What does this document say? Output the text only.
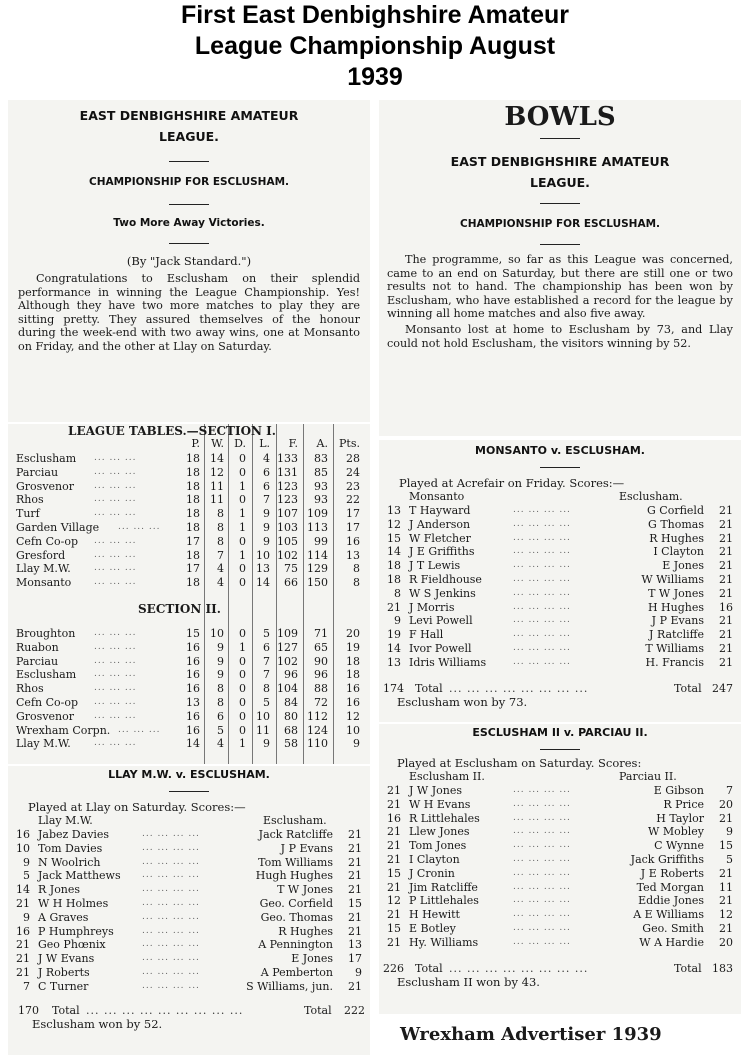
First East Denbighshire Amateur
League Championship August
1939
EAST DENBIGHSHIRE AMATEUR LEAGUE.
CHAMPIONSHIP FOR ESCLUSHAM.
Two More Away Victories.
(By "Jack Standard.")
Congratulations to Esclusham on their splendid performance in winning the League Championship. Yes! Although they have two more matches to play they are sitting pretty. They assured themselves of the honour during the week-end with two away wins, one at Monsanto on Friday, and the other at Llay on Saturday.
LEAGUE TABLES.—SECTION I.
P.	W. D.	L.	F.	A. Pts.
Esclusham ... ... ...	18 14	0	4 133	83	28
Parciau	... ... ...	18 12	0	6 131	85	24
Grosvenor ... ... ...	18 11	1	6 123	93	23
Rhos	... ... ...	18 11	0	7 123	93	22
Turf	... ... ...	18	8	1	9 107 109	17
Garden Village ... ... ...	18	8	1	9 103 113	17
Cefn Co-op ... ... ...	17	8	0	9 105	99	16
Gresford	... ... ...	18	7	1 10 102 114	13
Llay M.W.	... ... ...	17	4	0 13	75 129	8
Monsanto	... ... ...	18	4	0 14	66 150	8
SECTION II.
Broughton ... ... ...	15 10	0	5 109	71	20
Ruabon	... ... ...	16	9	1	6 127	65	19
Parciau	... ... ...	16	9	0	7 102	90	18
Esclusham ... ... ...	16	9	0	7	96	96	18
Rhos	... ... ...	16	8	0	8 104	88	16
Cefn Co-op ... ... ...	13	8	0	5	84	72	16
Grosvenor ... ... ...	16	6	0 10	80 112	12
Wrexham Corpn. ... ... ...	16	5	0 11	68 124	10
Llay M.W.	... ... ...	14	4	1	9	58 110	9
LLAY M.W. v. ESCLUSHAM.
Played at Llay on Saturday. Scores:—
Llay M.W.	Esclusham.
16 Jabez Davies	... ... ... ...	Jack Ratcliffe	21
10 Tom Davies	... ... ... ...	J P Evans	21
9 N Woolrich	... ... ... ...	Tom Williams	21
5 Jack Matthews ... ... ... ...	Hugh Hughes	21
14 R Jones	... ... ... ...	T W Jones	21
21 W H Holmes	... ... ... ...	Geo. Corfield	15
9 A Graves	... ... ... ...	Geo. Thomas	21
16 P Humphreys	... ... ... ...	R Hughes	21
21 Geo Phœnix	... ... ... ...	A Pennington	13
21 J W Evans	... ... ... ...	E Jones	17
21 J Roberts	... ... ... ...	A Pemberton	9
7 C Turner	... ... ... ...	S Williams, jun.	21
170 Total ... ... ... ... ... ... ... ... ...	Total 222
Esclusham won by 52.
BOWLS
EAST DENBIGHSHIRE AMATEUR LEAGUE.
CHAMPIONSHIP FOR ESCLUSHAM.
The programme, so far as this League was concerned, came to an end on Saturday, but there are still one or two results not to hand. The championship has been won by Esclusham, who have established a record for the league by winning all home matches and also five away.
Monsanto lost at home to Esclusham by 73, and Llay could not hold Esclusham, the visitors winning by 52.
MONSANTO v. ESCLUSHAM.
Played at Acrefair on Friday. Scores:—
Monsanto	Esclusham.
13 T Hayward	... ... ... ...	G Corfield	21
12 J Anderson	... ... ... ...	G Thomas	21
15 W Fletcher	... ... ... ...	R Hughes	21
14 J E Griffiths	... ... ... ...	I Clayton	21
18 J T Lewis	... ... ... ...	E Jones	21
18 R Fieldhouse	... ... ... ...	W Williams	21
8 W S Jenkins	... ... ... ...	T W Jones	21
21 J Morris	... ... ... ...	H Hughes	16
9 Levi Powell	... ... ... ...	J P Evans	21
19 F Hall	... ... ... ...	J Ratcliffe	21
14 Ivor Powell	... ... ... ...	T Williams	21
13 Idris Williams	... ... ... ...	H. Francis	21
174 Total ... ... ... ... ... ... ... ...	Total 247
Esclusham won by 73.
ESCLUSHAM II v. PARCIAU II.
Played at Esclusham on Saturday. Scores:
Esclusham II.	Parciau II.
21 J W Jones	... ... ... ...	E Gibson	7
21 W H Evans	... ... ... ...	R Price	20
16 R Littlehales	... ... ... ...	H Taylor	21
21 Llew Jones	... ... ... ...	W Mobley	9
21 Tom Jones	... ... ... ...	C Wynne	15
21 I Clayton	... ... ... ...	Jack Griffiths	5
15 J Cronin	... ... ... ...	J E Roberts	21
21 Jim Ratcliffe	... ... ... ...	Ted Morgan	11
12 P Littlehales	... ... ... ...	Eddie Jones	21
21 H Hewitt	... ... ... ...	A E Williams	12
15 E Botley	... ... ... ...	Geo. Smith	21
21 Hy. Williams	... ... ... ...	W A Hardie	20
226 Total ... ... ... ... ... ... ... ...	Total 183
Esclusham II won by 43.
Wrexham Advertiser 1939
